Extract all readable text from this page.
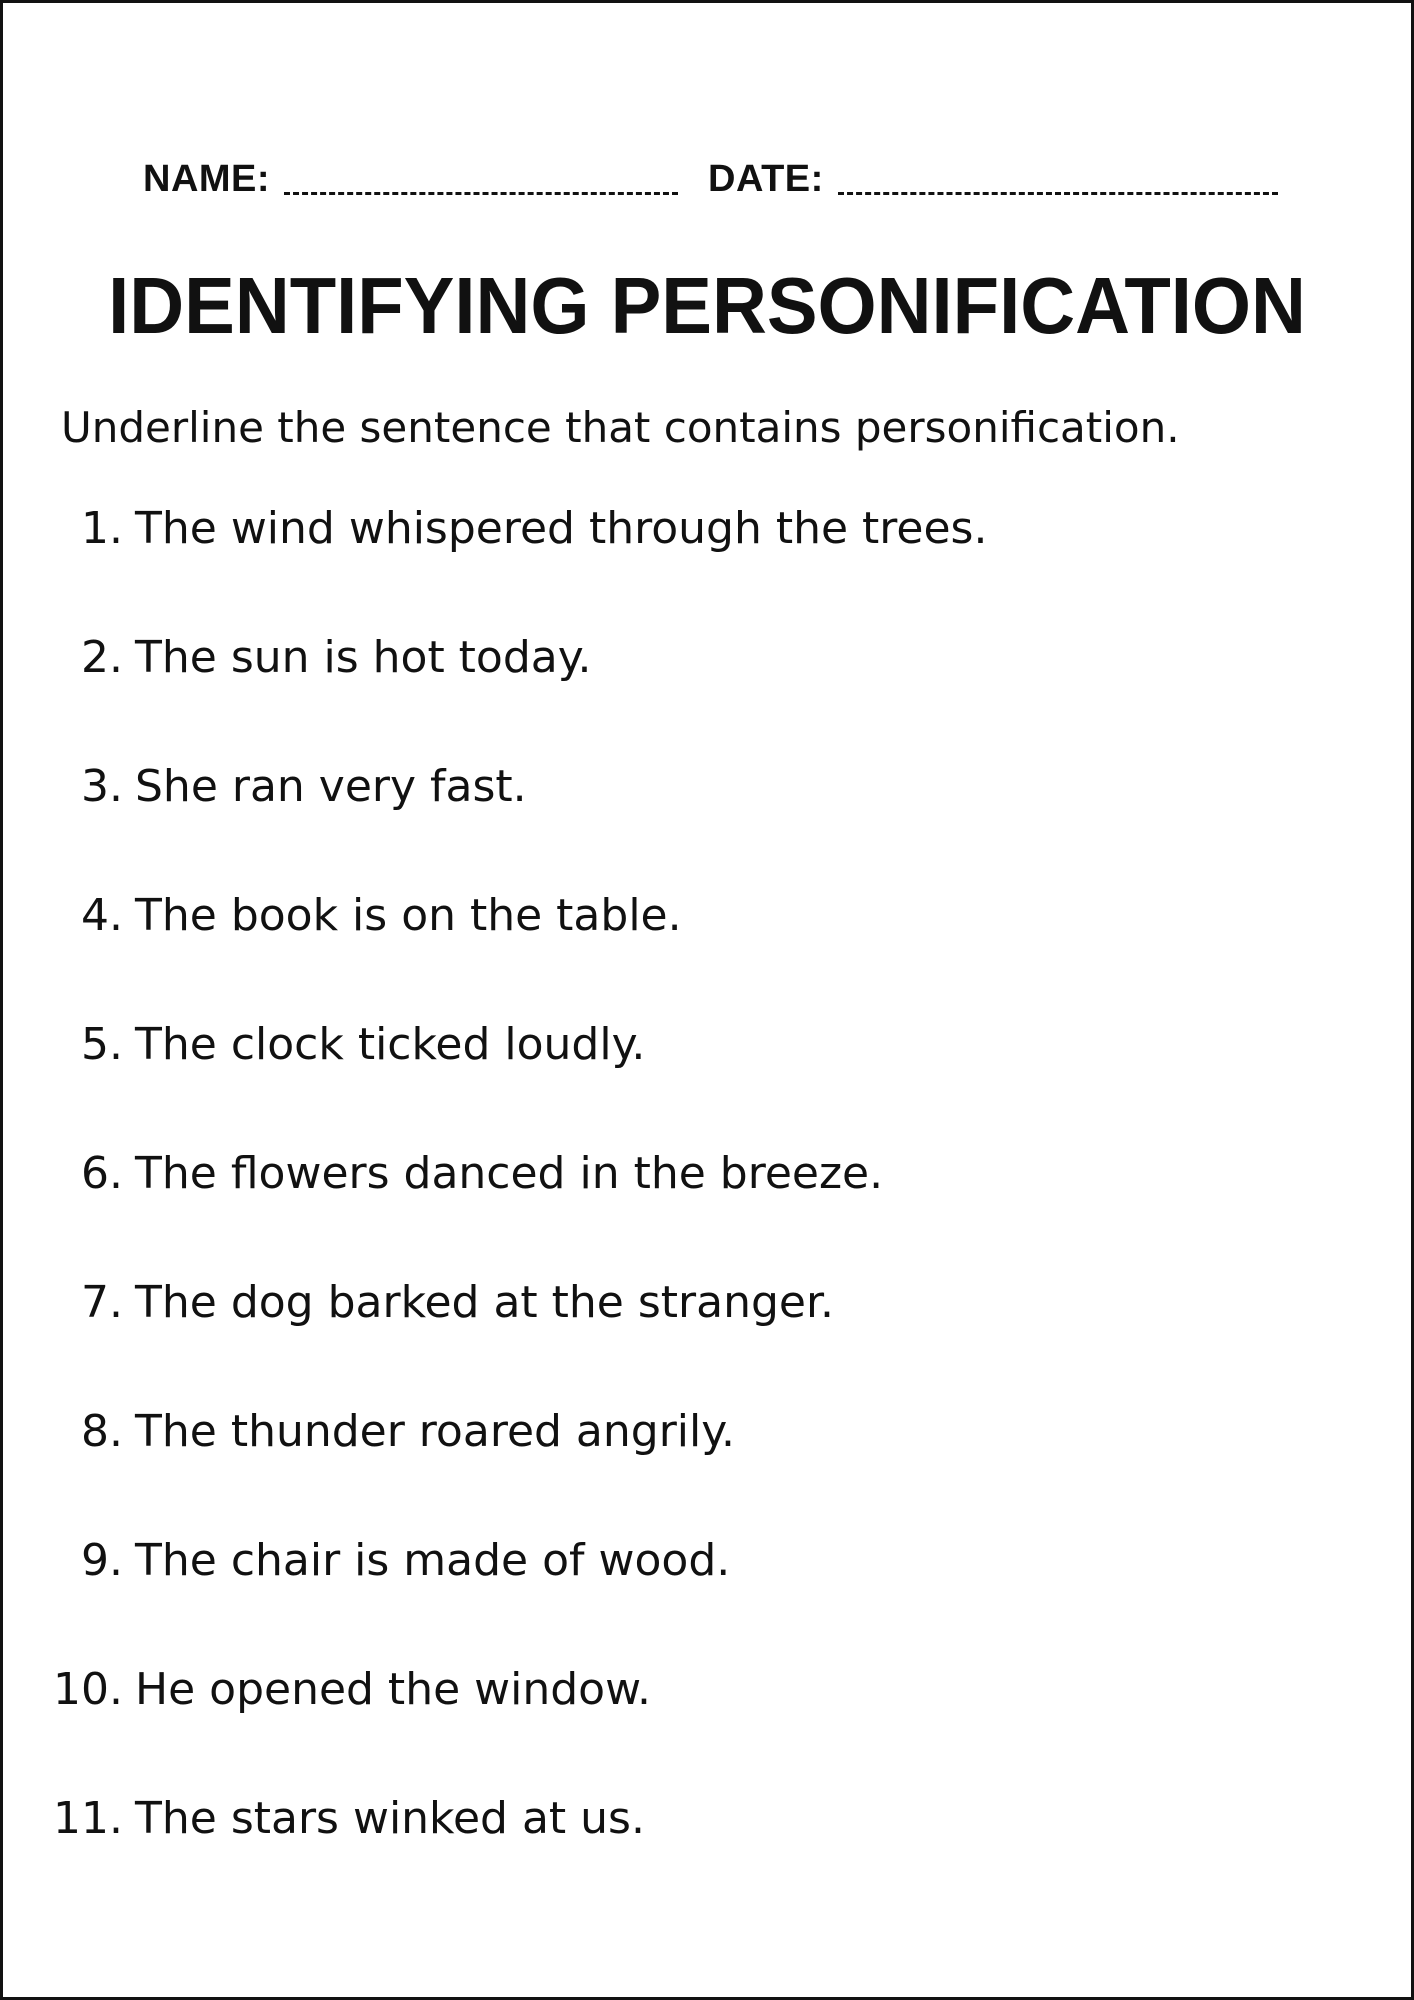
NAME:	DATE:
IDENTIFYING PERSONIFICATION
Underline the sentence that contains personification.
1. The wind whispered through the trees.
2. The sun is hot today.
3. She ran very fast.
4. The book is on the table.
5. The clock ticked loudly.
6. The flowers danced in the breeze.
7. The dog barked at the stranger.
8. The thunder roared angrily.
9. The chair is made of wood.
10. He opened the window.
11. The stars winked at us.
